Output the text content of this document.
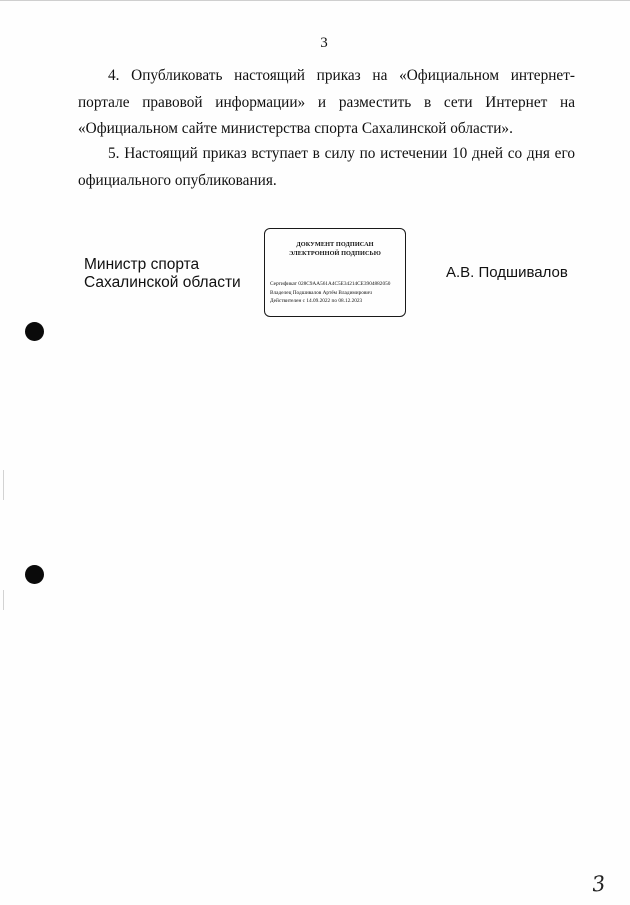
3

4. Опубликовать настоящий приказ на «Официальном интернет-портале правовой информации» и разместить в сети Интернет на «Официальном сайте министерства спорта Сахалинской области».

5. Настоящий приказ вступает в силу по истечении 10 дней со дня его официального опубликования.

Министр спорта
Сахалинской области
ДОКУМЕНТ ПОДПИСАН
ЭЛЕКТРОННОЙ ПОДПИСЬЮ
Сертификат 028C9AA561A4C5E34214CE3904882050
Владелец Подшивалов Артём Владимирович
Действителен с 14.09.2022 по 08.12.2023
А.В. Подшивалов
3
